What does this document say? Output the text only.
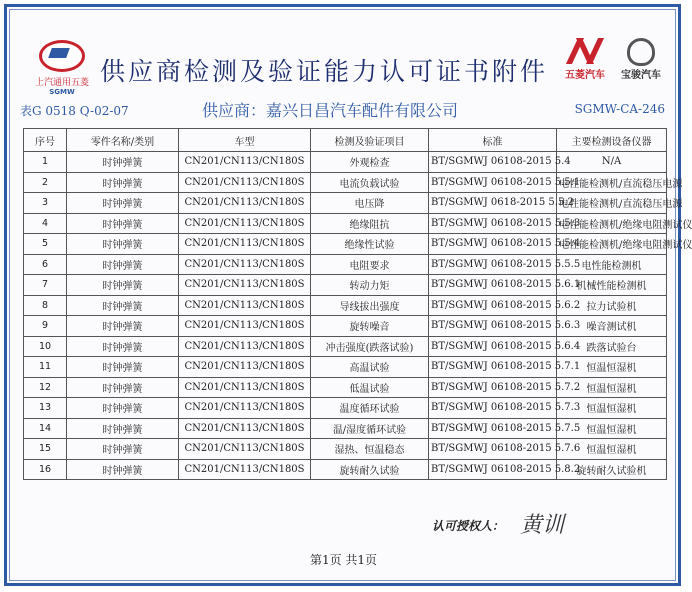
上汽通用五菱
SGMW
供应商检测及验证能力认可证书附件	五菱汽车	宝骏汽车
表G 0518 Q-02-07	供应商：嘉兴日昌汽车配件有限公司	SGMW-CA-246
序号	零件名称/类别	车型	检测及验证项目	标准	主要检测设备仪器
1	时钟弹簧	CN201/CN113/CN180S	外观检查	BT/SGMWJ 06108-2015 5.4	N/A
2	时钟弹簧	CN201/CN113/CN180S	电流负载试验	BT/SGMWJ 06108-2015 5.5.1	电性能检测机/直流稳压电源
3	时钟弹簧	CN201/CN113/CN180S	电压降	BT/SGMWJ 0618-2015 5.5.2	电性能检测机/直流稳压电源
4	时钟弹簧	CN201/CN113/CN180S	绝缘阻抗	BT/SGMWJ 06108-2015 5.5.3	电性能检测机/绝缘电阻测试仪
5	时钟弹簧	CN201/CN113/CN180S	绝缘性试验	BT/SGMWJ 06108-2015 5.5.4	电性能检测机/绝缘电阻测试仪
6	时钟弹簧	CN201/CN113/CN180S	电阻要求	BT/SGMWJ 06108-2015 5.5.5	电性能检测机
7	时钟弹簧	CN201/CN113/CN180S	转动力矩	BT/SGMWJ 06108-2015 5.6.1	机械性能检测机
8	时钟弹簧	CN201/CN113/CN180S	导线拔出强度	BT/SGMWJ 06108-2015 5.6.2	拉力试验机
9	时钟弹簧	CN201/CN113/CN180S	旋转噪音	BT/SGMWJ 06108-2015 5.6.3	噪音测试机
10	时钟弹簧	CN201/CN113/CN180S	冲击强度(跌落试验)	BT/SGMWJ 06108-2015 5.6.4	跌落试验台
11	时钟弹簧	CN201/CN113/CN180S	高温试验	BT/SGMWJ 06108-2015 5.7.1	恒温恒湿机
12	时钟弹簧	CN201/CN113/CN180S	低温试验	BT/SGMWJ 06108-2015 5.7.2	恒温恒湿机
13	时钟弹簧	CN201/CN113/CN180S	温度循环试验	BT/SGMWJ 06108-2015 5.7.3	恒温恒湿机
14	时钟弹簧	CN201/CN113/CN180S	温/湿度循环试验	BT/SGMWJ 06108-2015 5.7.5	恒温恒湿机
15	时钟弹簧	CN201/CN113/CN180S	湿热、恒温稳态	BT/SGMWJ 06108-2015 5.7.6	恒温恒湿机
16	时钟弹簧	CN201/CN113/CN180S	旋转耐久试验	BT/SGMWJ 06108-2015 5.8.2	旋转耐久试验机
认可授权人： 黄训
第1页 共1页
